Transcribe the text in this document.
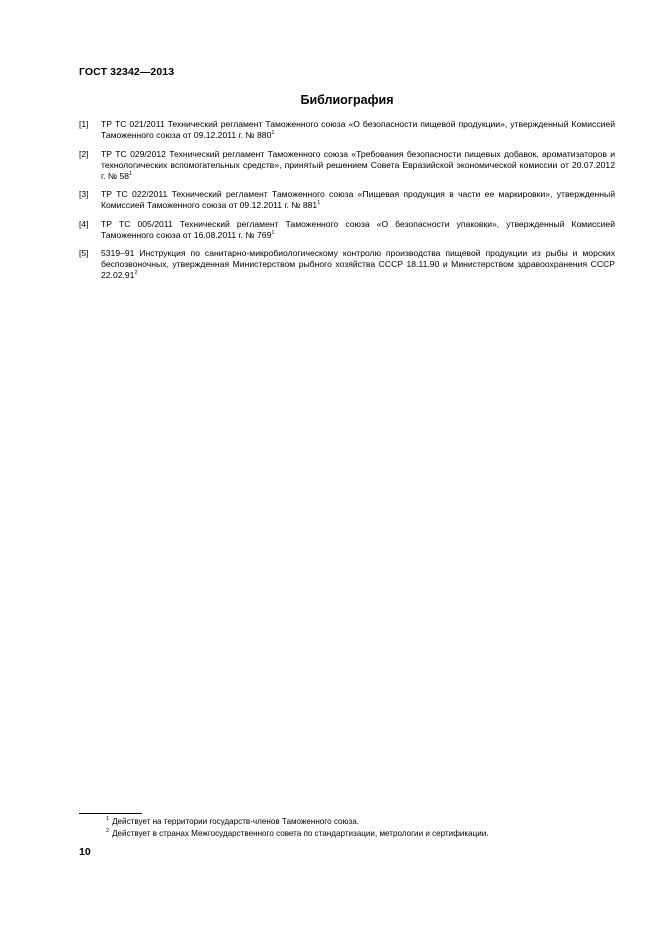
ГОСТ 32342—2013
Библиография
[1]	ТР ТС 021/2011 Технический регламент Таможенного союза «О безопасности пищевой продукции», утвержденный Комиссией Таможенного союза от 09.12.2011 г. № $880^1$
[2]	ТР ТС 029/2012 Технический регламент Таможенного союза «Требования безопасности пищевых добавок, ароматизаторов и технологических вспомогательных средств», принятый решением Совета Евразийской экономической комиссии от 20.07.2012 г. № $58^1$
[3]	ТР ТС 022/2011 Технический регламент Таможенного союза «Пищевая продукция в части ее маркировки», утвержденный Комиссией Таможенного союза от 09.12.2011 г. № $881^1$
[4]	ТР ТС 005/2011 Технический регламент Таможенного союза «О безопасности упаковки», утвержденный Комиссией Таможенного союза от 16.08.2011 г. № $769^1$
[5]	5319–91 Инструкция по санитарно-микробиологическому контролю производства пищевой продукции из рыбы и морских беспозвоночных, утвержденная Министерством рыбного хозяйства СССР 18.11.90 и Министерством здравоохранения СССР 22.02.91$^2$
$^1$ Действует на территории государств-членов Таможенного союза.
$^2$ Действует в странах Межгосударственного совета по стандартизации, метрологии и сертификации.
10
